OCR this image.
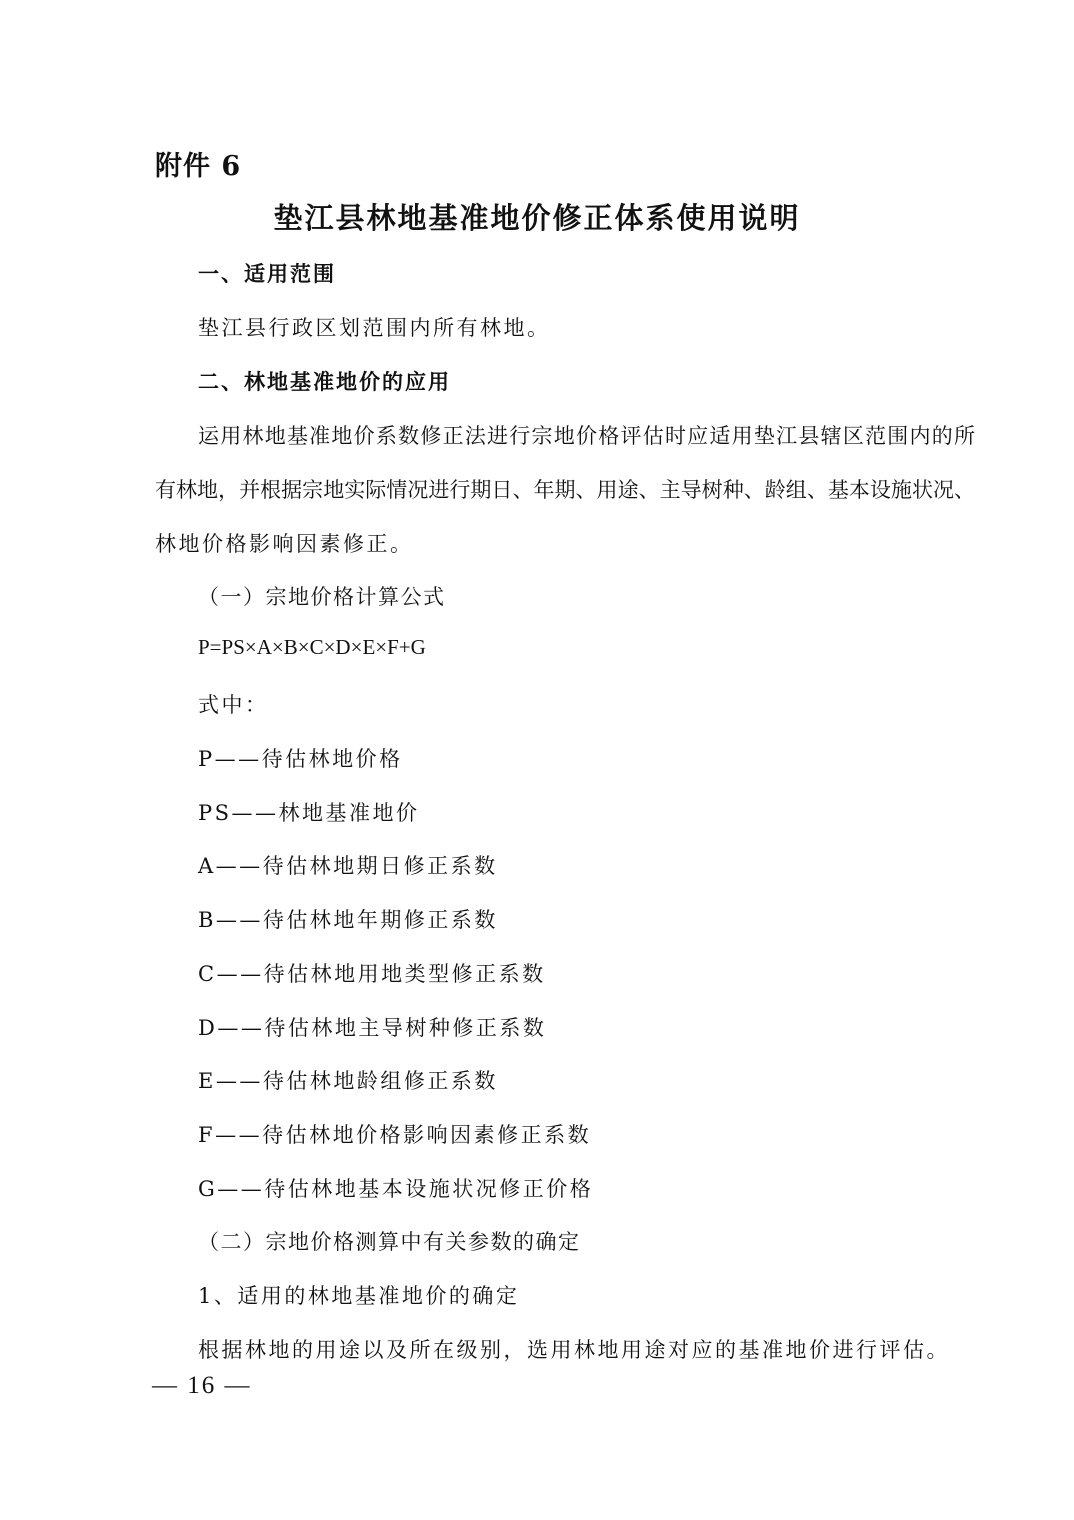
附件 6
垫江县林地基准地价修正体系使用说明
一、适用范围
垫江县行政区划范围内所有林地。
二、林地基准地价的应用
运用林地基准地价系数修正法进行宗地价格评估时应适用垫江县辖区范围内的所
有林地，并根据宗地实际情况进行期日、年期、用途、主导树种、龄组、基本设施状况、
林地价格影响因素修正。
（一）宗地价格计算公式
P=PS×A×B×C×D×E×F+G
式中：
P——待估林地价格
PS——林地基准地价
A——待估林地期日修正系数
B——待估林地年期修正系数
C——待估林地用地类型修正系数
D——待估林地主导树种修正系数
E——待估林地龄组修正系数
F——待估林地价格影响因素修正系数
G——待估林地基本设施状况修正价格
（二）宗地价格测算中有关参数的确定
1、适用的林地基准地价的确定
根据林地的用途以及所在级别，选用林地用途对应的基准地价进行评估。
— 16 —
